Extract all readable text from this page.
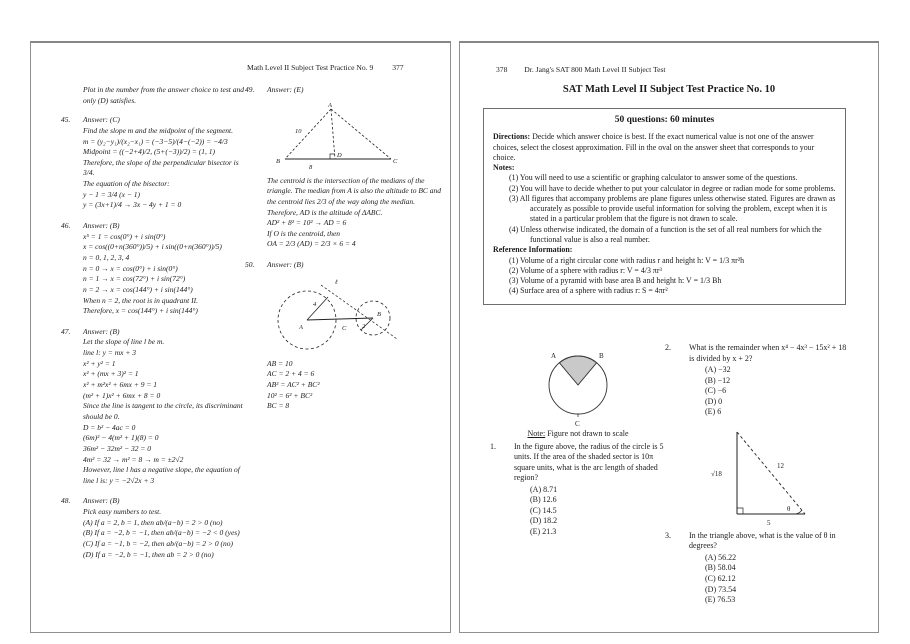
Math Level II Subject Test Practice No. 9 377
Plot in the number from the answer choice to test and only (D) satisfies.
45.	Answer: (C)
Find the slope m and the midpoint of the segment.
m = (y₂−y₁)/(x₂−x₁) = (−3−5)/(4−(−2)) = −4/3
Midpoint = ((−2+4)/2, (5+(−3))/2) = (1, 1)
Therefore, the slope of the perpendicular bisector is 3/4.
The equation of the bisector:
y − 1 = 3/4 (x − 1)
y = (3x+1)/4 → 3x − 4y + 1 = 0
46.	Answer: (B)
x⁵ = 1 = cos(0°) + i sin(0°)
x = cos((0+n(360°))/5) + i sin((0+n(360°))/5)
n = 0, 1, 2, 3, 4
n = 0 → x = cos(0°) + i sin(0°)
n = 1 → x = cos(72°) + i sin(72°)
n = 2 → x = cos(144°) + i sin(144°)
When n = 2, the root is in quadrant II.
Therefore, x = cos(144°) + i sin(144°)
47.	Answer: (B)
Let the slope of line l be m.
line l: y = mx + 3
x² + y² = 1
x² + (mx + 3)² = 1
x² + m²x² + 6mx + 9 = 1
(m² + 1)x² + 6mx + 8 = 0
Since the line is tangent to the circle, its discriminant should be 0.
D = b² − 4ac = 0
(6m)² − 4(m² + 1)(8) = 0
36m² − 32m² − 32 = 0
4m² = 32 → m² = 8 → m = ±2√2
However, line l has a negative slope, the equation of line l is: y = −2√2x + 3
48.	Answer: (B)
Pick easy numbers to test.
(A) If a = 2, b = 1, then ab/(a−b) = 2 > 0 (no)
(B) If a = −2, b = −1, then ab/(a−b) = −2 < 0 (yes)
(C) If a = −1, b = −2, then ab/(a−b) = 2 > 0 (no)
(D) If a = −2, b = −1, then ab = 2 > 0 (no)
49.	Answer: (E)
A
B	C
D
10
8
The centroid is the intersection of the medians of the triangle. The median from A is also the altitude to BC and the centroid lies 2/3 of the way along the median.
Therefore, AD is the altitude of ΔABC.
AD² + 8² = 10² → AD = 6
If O is the centroid, then
OA = 2/3 (AD) = 2/3 × 6 = 4
50.	Answer: (B)
A
4
B
2
C
ℓ
AB = 10
AC = 2 + 4 = 6
AB² = AC² + BC²
10² = 6² + BC²
BC = 8
378 Dr. Jang's SAT 800 Math Level II Subject Test
SAT Math Level II Subject Test Practice No. 10
50 questions: 60 minutes
Directions: Decide which answer choice is best. If the exact numerical value is not one of the answer choices, select the closest approximation. Fill in the oval on the answer sheet that corresponds to your choice.
Notes:
(1) You will need to use a scientific or graphing calculator to answer some of the questions.
(2) You will have to decide whether to put your calculator in degree or radian mode for some problems.
(3) All figures that accompany problems are plane figures unless otherwise stated. Figures are drawn as accurately as possible to provide useful information for solving the problem, except when it is stated in a particular problem that the figure is not drawn to scale.
(4) Unless otherwise indicated, the domain of a function is the set of all real numbers for which the functional value is also a real number.
Reference Information:
(1) Volume of a right circular cone with radius r and height h: V = 1/3 πr²h
(2) Volume of a sphere with radius r: V = 4/3 πr³
(3) Volume of a pyramid with base area B and height h: V = 1/3 Bh
(4) Surface area of a sphere with radius r: S = 4πr²
A	B
C
Note: Figure not drawn to scale
1.	In the figure above, the radius of the circle is 5 units. If the area of the shaded sector is 10π square units, what is the arc length of shaded region?
(A) 8.71
(B) 12.6
(C) 14.5
(D) 18.2
(E) 21.3
2.	What is the remainder when x⁴ − 4x³ − 15x² + 18 is divided by x + 2?
(A) −32
(B) −12
(C) −6
(D) 0
(E) 6
√18
12
5
θ
3.	In the triangle above, what is the value of θ in degrees?
(A) 56.22
(B) 58.04
(C) 62.12
(D) 73.54
(E) 76.53
